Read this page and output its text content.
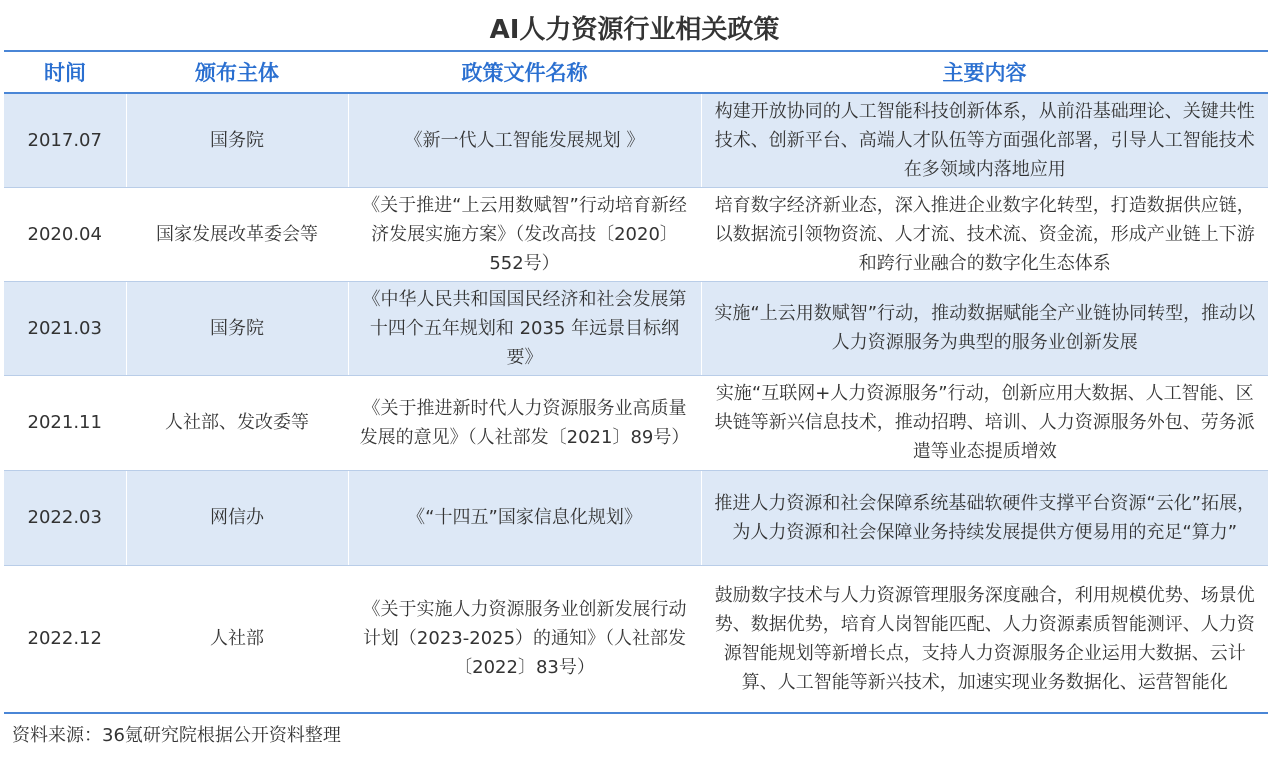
AI人力资源行业相关政策
时间	颁布主体	政策文件名称	主要内容
2017.07	国务院	《新一代人工智能发展规划 》	构建开放协同的人工智能科技创新体系，从前沿基础理论、关键共性技术、创新平台、高端人才队伍等方面强化部署，引导人工智能技术在多领域内落地应用
2020.04	国家发展改革委会等	《关于推进“上云用数赋智”行动培育新经济发展实施方案》（发改高技〔2020〕552号）	培育数字经济新业态，深入推进企业数字化转型，打造数据供应链，以数据流引领物资流、人才流、技术流、资金流，形成产业链上下游和跨行业融合的数字化生态体系
2021.03	国务院	《中华人民共和国国民经济和社会发展第十四个五年规划和 2035 年远景目标纲要》	实施“上云用数赋智”行动，推动数据赋能全产业链协同转型，推动以人力资源服务为典型的服务业创新发展
2021.11	人社部、发改委等	《关于推进新时代人力资源服务业高质量发展的意见》（人社部发〔2021〕89号）	实施“互联网+人力资源服务”行动，创新应用大数据、人工智能、区块链等新兴信息技术，推动招聘、培训、人力资源服务外包、劳务派遣等业态提质增效
2022.03	网信办	《“十四五”国家信息化规划》	推进人力资源和社会保障系统基础软硬件支撑平台资源“云化”拓展，为人力资源和社会保障业务持续发展提供方便易用的充足“算力”
2022.12	人社部	《关于实施人力资源服务业创新发展行动计划（2023-2025）的通知》（人社部发〔2022〕83号）	鼓励数字技术与人力资源管理服务深度融合，利用规模优势、场景优势、数据优势，培育人岗智能匹配、人力资源素质智能测评、人力资源智能规划等新增长点，支持人力资源服务企业运用大数据、云计算、人工智能等新兴技术，加速实现业务数据化、运营智能化
资料来源：36氪研究院根据公开资料整理
